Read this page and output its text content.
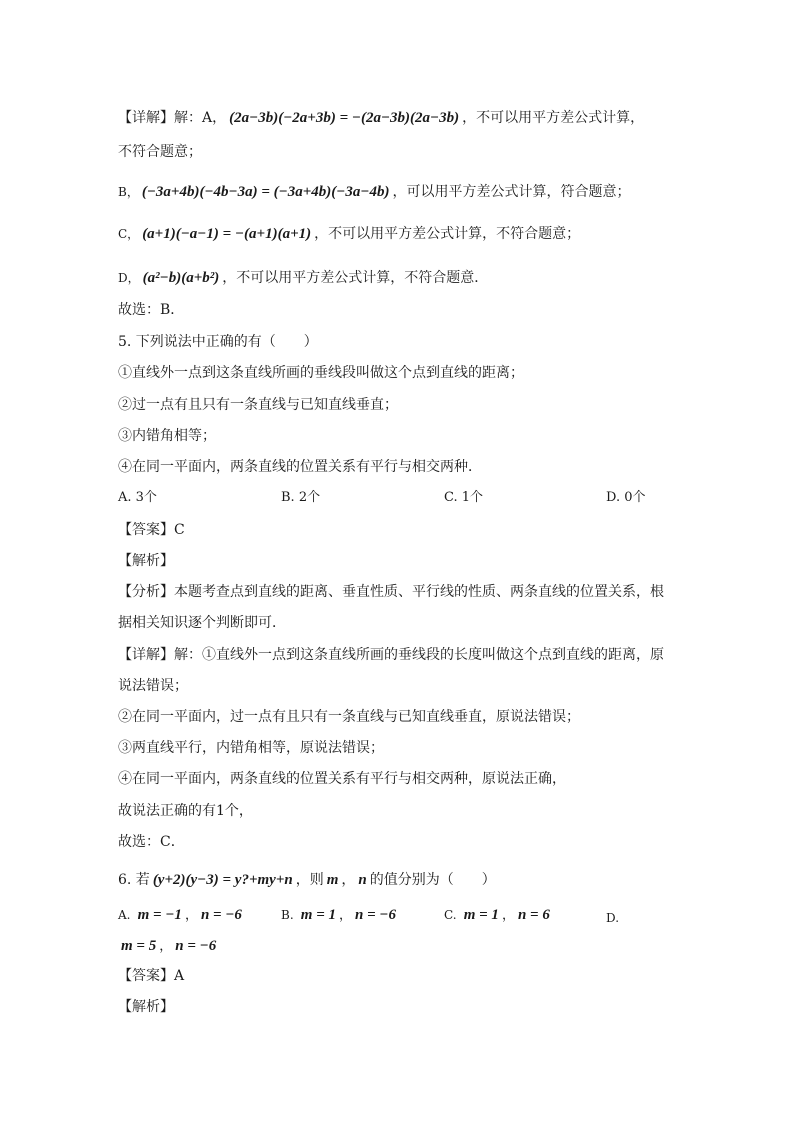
【详解】解：A， (2a−3b)(−2a+3b) = −(2a−3b)(2a−3b) ，不可以用平方差公式计算，
不符合题意；
B， (−3a+4b)(−4b−3a) = (−3a+4b)(−3a−4b) ，可以用平方差公式计算，符合题意；
C， (a+1)(−a−1) = −(a+1)(a+1) ，不可以用平方差公式计算，不符合题意；
D， (a²−b)(a+b²) ，不可以用平方差公式计算，不符合题意．
故选：B．
5. 下列说法中正确的有（　　）
①直线外一点到这条直线所画的垂线段叫做这个点到直线的距离；
②过一点有且只有一条直线与已知直线垂直；
③内错角相等；
④在同一平面内，两条直线的位置关系有平行与相交两种．
A. 3个	B. 2个	C. 1个	D. 0个
【答案】C
【解析】
【分析】本题考查点到直线的距离、垂直性质、平行线的性质、两条直线的位置关系，根
据相关知识逐个判断即可．
【详解】解：①直线外一点到这条直线所画的垂线段的长度叫做这个点到直线的距离，原
说法错误；
②在同一平面内，过一点有且只有一条直线与已知直线垂直，原说法错误；
③两直线平行，内错角相等，原说法错误；
④在同一平面内，两条直线的位置关系有平行与相交两种，原说法正确，
故说法正确的有1个，
故选：C．
6. 若 (y+2)(y−3) = y?+my+n ，则 m ， n 的值分别为（　　）
A. m = −1 ， n = −6	B. m = 1 ， n = −6	C. m = 1 ， n = 6	D.
m = 5 ， n = −6
【答案】A
【解析】
